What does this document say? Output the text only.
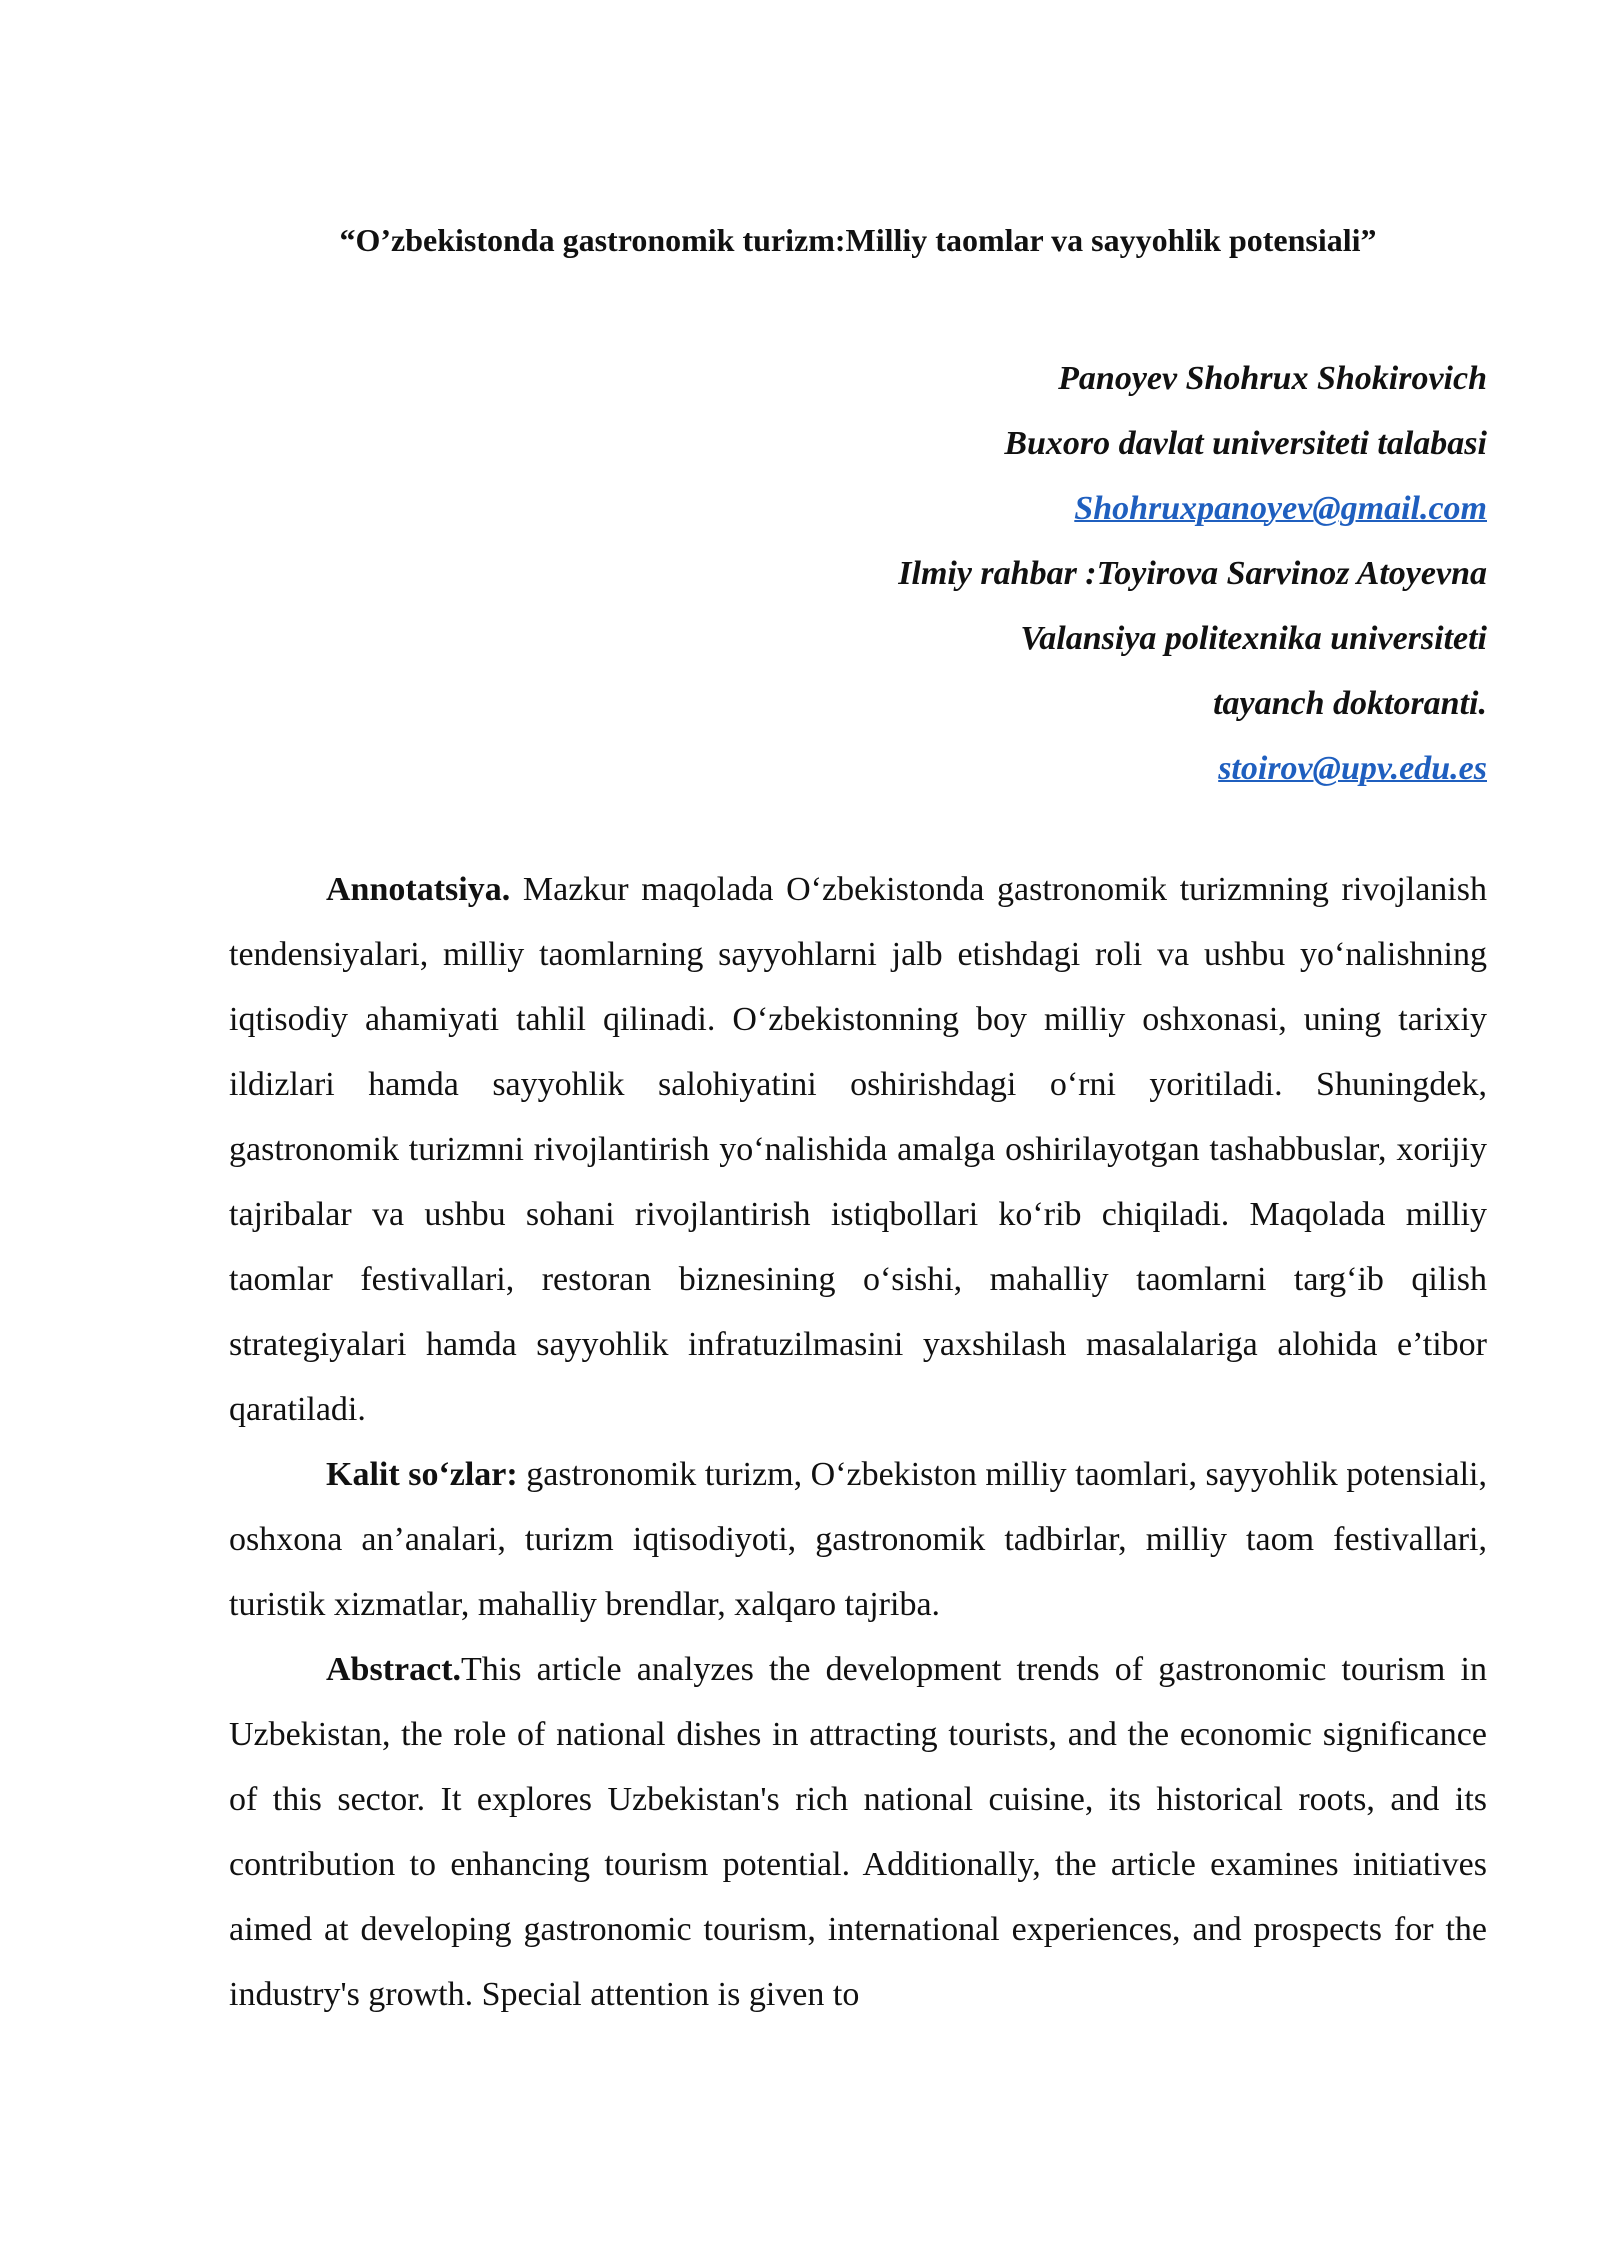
“O’zbekistonda gastronomik turizm:Milliy taomlar va sayyohlik potensiali”
Panoyev Shohrux Shokirovich
Buxoro davlat universiteti talabasi
Shohruxpanoyev@gmail.com
Ilmiy rahbar :Toyirova Sarvinoz Atoyevna
Valansiya politexnika universiteti
tayanch doktoranti.
stoirov@upv.edu.es

Annotatsiya. Mazkur maqolada O‘zbekistonda gastronomik turizmning rivojlanish tendensiyalari, milliy taomlarning sayyohlarni jalb etishdagi roli va ushbu yo‘nalishning iqtisodiy ahamiyati tahlil qilinadi. O‘zbekistonning boy milliy oshxonasi, uning tarixiy ildizlari hamda sayyohlik salohiyatini oshirishdagi o‘rni yoritiladi. Shuningdek, gastronomik turizmni rivojlantirish yo‘nalishida amalga oshirilayotgan tashabbuslar, xorijiy tajribalar va ushbu sohani rivojlantirish istiqbollari ko‘rib chiqiladi. Maqolada milliy taomlar festivallari, restoran biznesining o‘sishi, mahalliy taomlarni targ‘ib qilish strategiyalari hamda sayyohlik infratuzilmasini yaxshilash masalalariga alohida e’tibor qaratiladi.

Kalit so‘zlar: gastronomik turizm, O‘zbekiston milliy taomlari, sayyohlik potensiali, oshxona an’analari, turizm iqtisodiyoti, gastronomik tadbirlar, milliy taom festivallari, turistik xizmatlar, mahalliy brendlar, xalqaro tajriba.

Abstract.This article analyzes the development trends of gastronomic tourism in Uzbekistan, the role of national dishes in attracting tourists, and the economic significance of this sector. It explores Uzbekistan's rich national cuisine, its historical roots, and its contribution to enhancing tourism potential. Additionally, the article examines initiatives aimed at developing gastronomic tourism, international experiences, and prospects for the industry's growth. Special attention is given to
